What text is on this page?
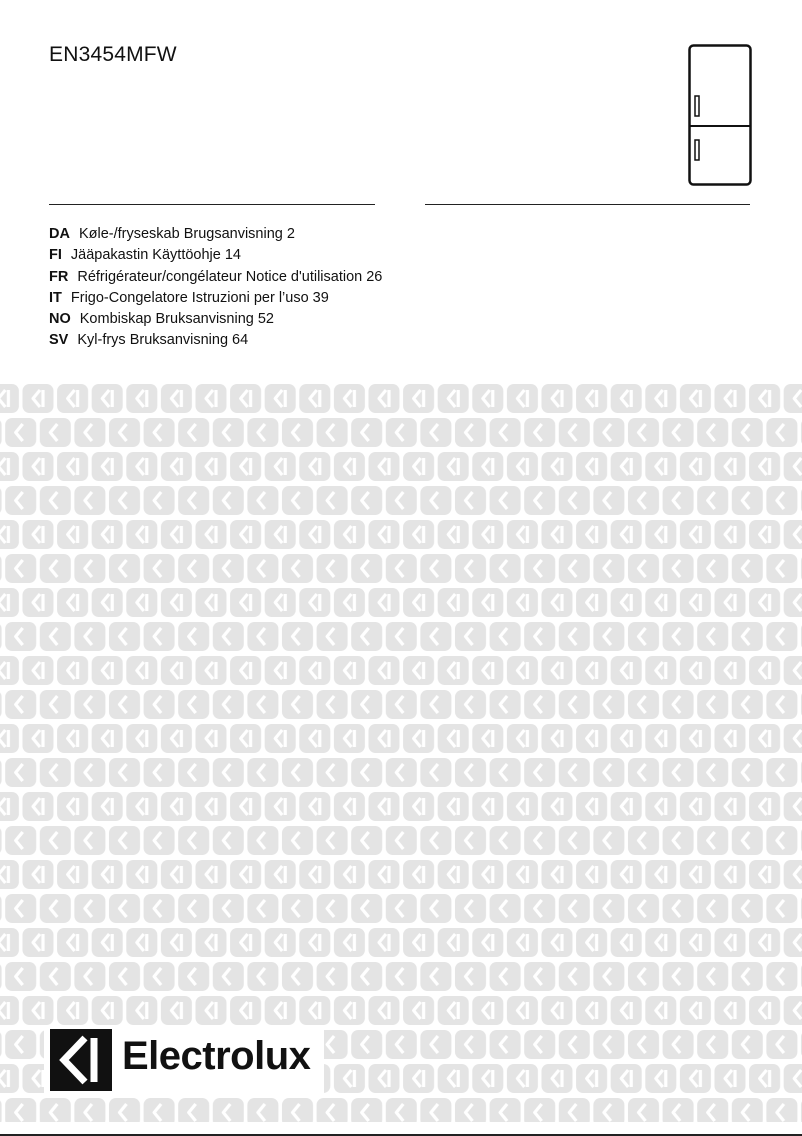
EN3454MFW
DA Køle-/fryseskab Brugsanvisning 2
FI Jääpakastin Käyttöohje 14
FR Réfrigérateur/congélateur Notice d'utilisation 26
IT Frigo-Congelatore Istruzioni per l’uso 39
NO Kombiskap Bruksanvisning 52
SV Kyl-frys Bruksanvisning 64
Electrolux
